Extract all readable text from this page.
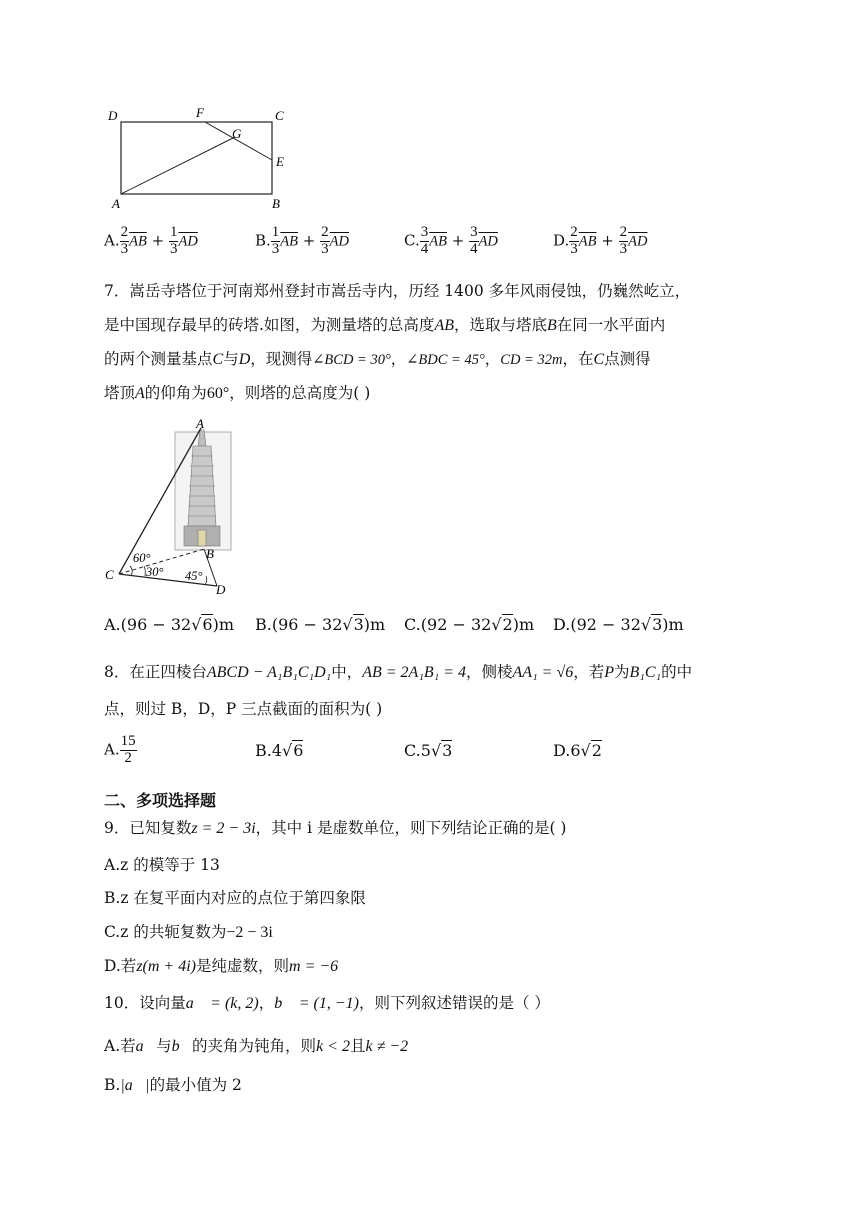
D	F
G
C
E
A	B
A. $\frac{2}{3} \overline{AB} + \frac{1}{3} \overline{AD}$	B. $\frac{1}{3} \overline{AB} + \frac{2}{3} \overline{AD}$	C. $\frac{3}{4} \overline{AB} + \frac{3}{4} \overline{AD}$	D. $\frac{2}{3} \overline{AB} + \frac{2}{3} \overline{AD}$
7．嵩岳寺塔位于河南郑州登封市嵩岳寺内，历经 1400 多年风雨侵蚀，仍巍然屹立，
是中国现存最早的砖塔.如图，为测量塔的总高度AB，选取与塔底B在同一水平面内
的两个测量基点C与D，现测得∠BCD = 30°，∠BDC = 45°，CD = 32m，在C点测得
塔顶A的仰角为60°，则塔的总高度为( )
A
B
C
D
60°
30° 45°
A.(96 − 32√6)m B.(96 − 32√3)m C.(92 − 32√2)m D.(92 − 32√3)m
8．在正四棱台ABCD − A₁B₁C₁D₁中，AB = 2A₁B₁ = 4，侧棱AA₁ = √6，若P为B₁C₁的中
点，则过 B，D，P 三点截面的面积为( )
A. $\frac{15}{2}$	B.4√6	C.5√3	D.6√2
二、多项选择题
9．已知复数z = 2 − 3i，其中 i 是虚数单位，则下列结论正确的是( )
A.z 的模等于 13
B.z 在复平面内对应的点位于第四象限
C.z 的共轭复数为−2 − 3i
D.若z(m + 4i)是纯虚数，则m = −6
10．设向量a⃗ = (k, 2)，b⃗ = (1, −1)，则下列叙述错误的是（ ）
A.若a⃗与b⃗的夹角为钝角，则k < 2且k ≠ −2
B.|a⃗|的最小值为 2
